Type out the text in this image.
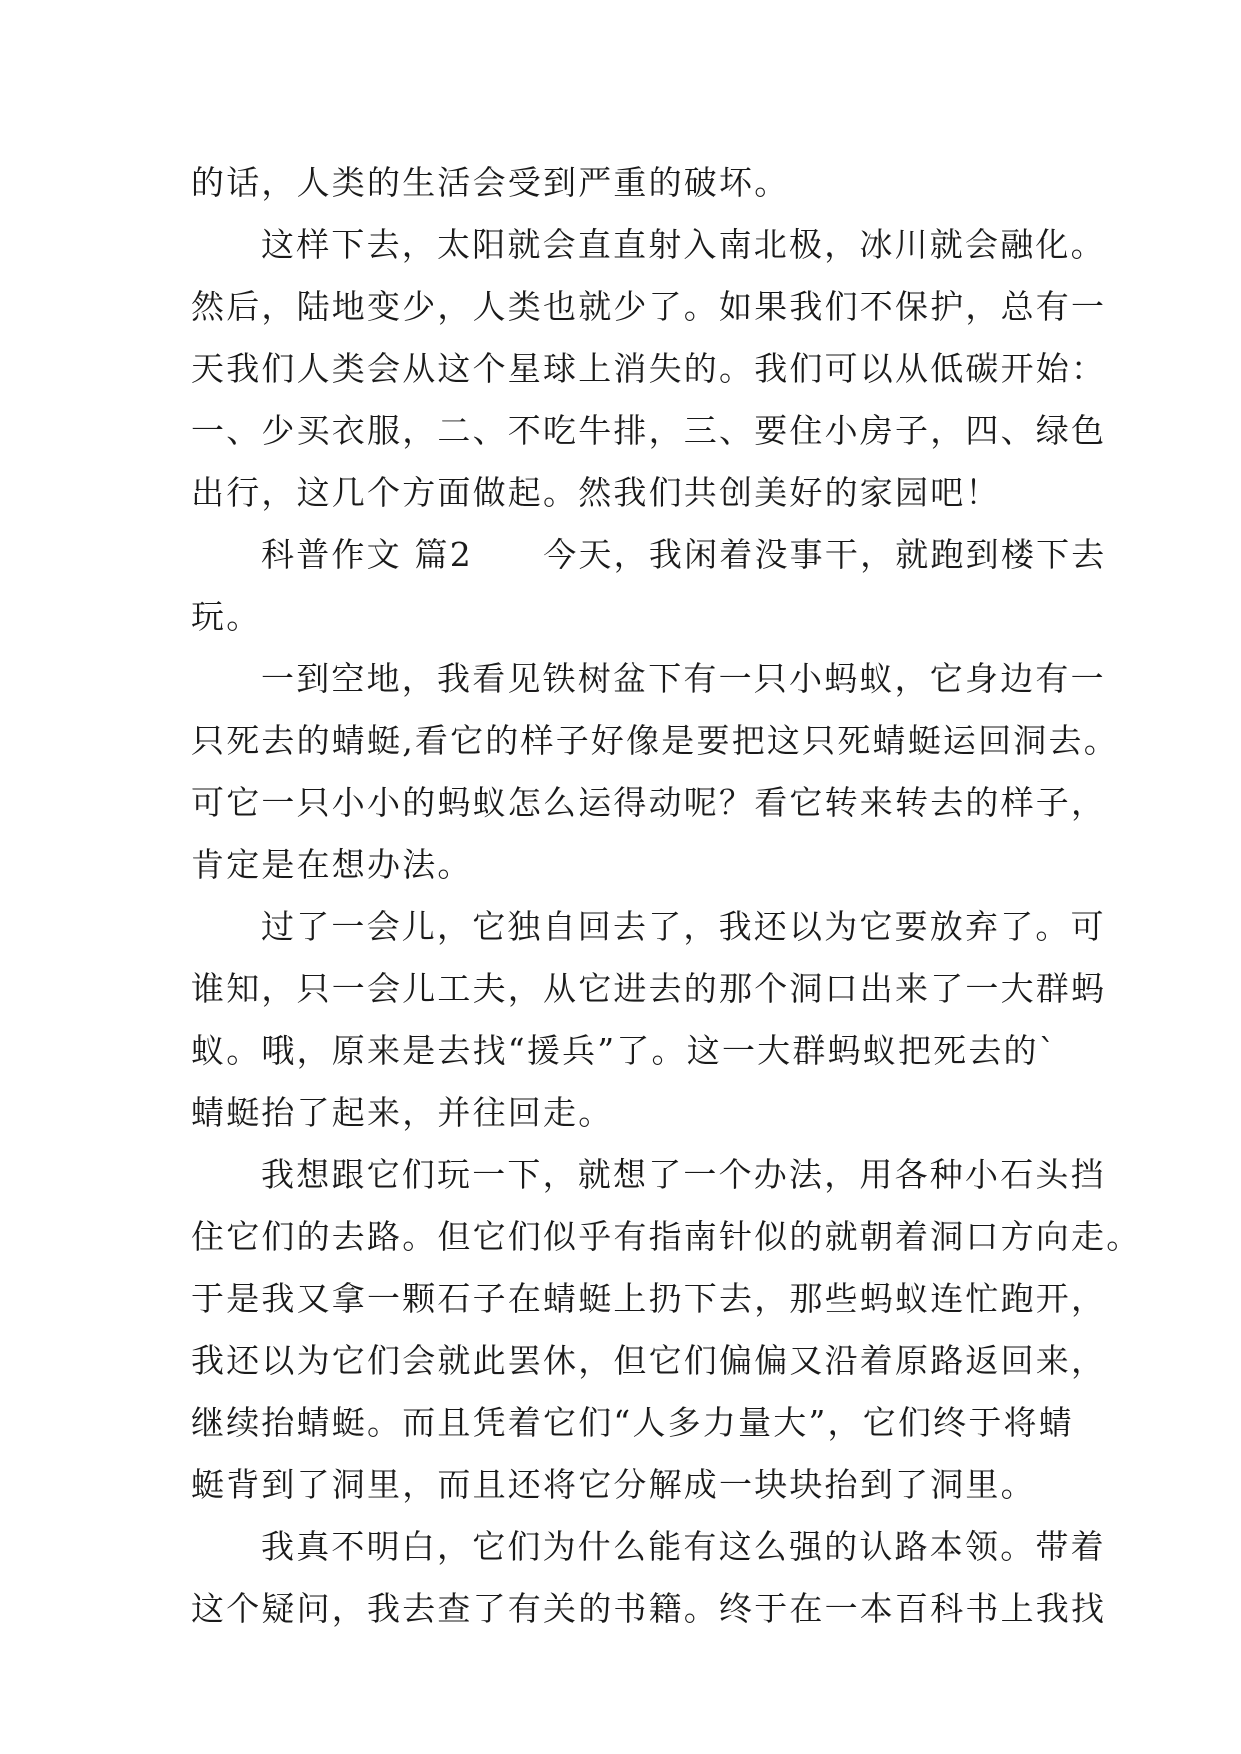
的话，人类的生活会受到严重的破坏。
这样下去，太阳就会直直射入南北极，冰川就会融化。
然后，陆地变少，人类也就少了。如果我们不保护，总有一
天我们人类会从这个星球上消失的。我们可以从低碳开始：
一、少买衣服，二、不吃牛排，三、要住小房子，四、绿色
出行，这几个方面做起。然我们共创美好的家园吧！
科普作文 篇2　　今天，我闲着没事干，就跑到楼下去
玩。
一到空地，我看见铁树盆下有一只小蚂蚁，它身边有一
只死去的蜻蜓,看它的样子好像是要把这只死蜻蜓运回洞去。
可它一只小小的蚂蚁怎么运得动呢？看它转来转去的样子，
肯定是在想办法。
过了一会儿，它独自回去了，我还以为它要放弃了。可
谁知，只一会儿工夫，从它进去的那个洞口出来了一大群蚂
蚁。哦，原来是去找“援兵”了。这一大群蚂蚁把死去的`
蜻蜓抬了起来，并往回走。
我想跟它们玩一下，就想了一个办法，用各种小石头挡
住它们的去路。但它们似乎有指南针似的就朝着洞口方向走。
于是我又拿一颗石子在蜻蜓上扔下去，那些蚂蚁连忙跑开，
我还以为它们会就此罢休，但它们偏偏又沿着原路返回来，
继续抬蜻蜓。而且凭着它们“人多力量大”，它们终于将蜻
蜓背到了洞里，而且还将它分解成一块块抬到了洞里。
我真不明白，它们为什么能有这么强的认路本领。带着
这个疑问，我去查了有关的书籍。终于在一本百科书上我找
